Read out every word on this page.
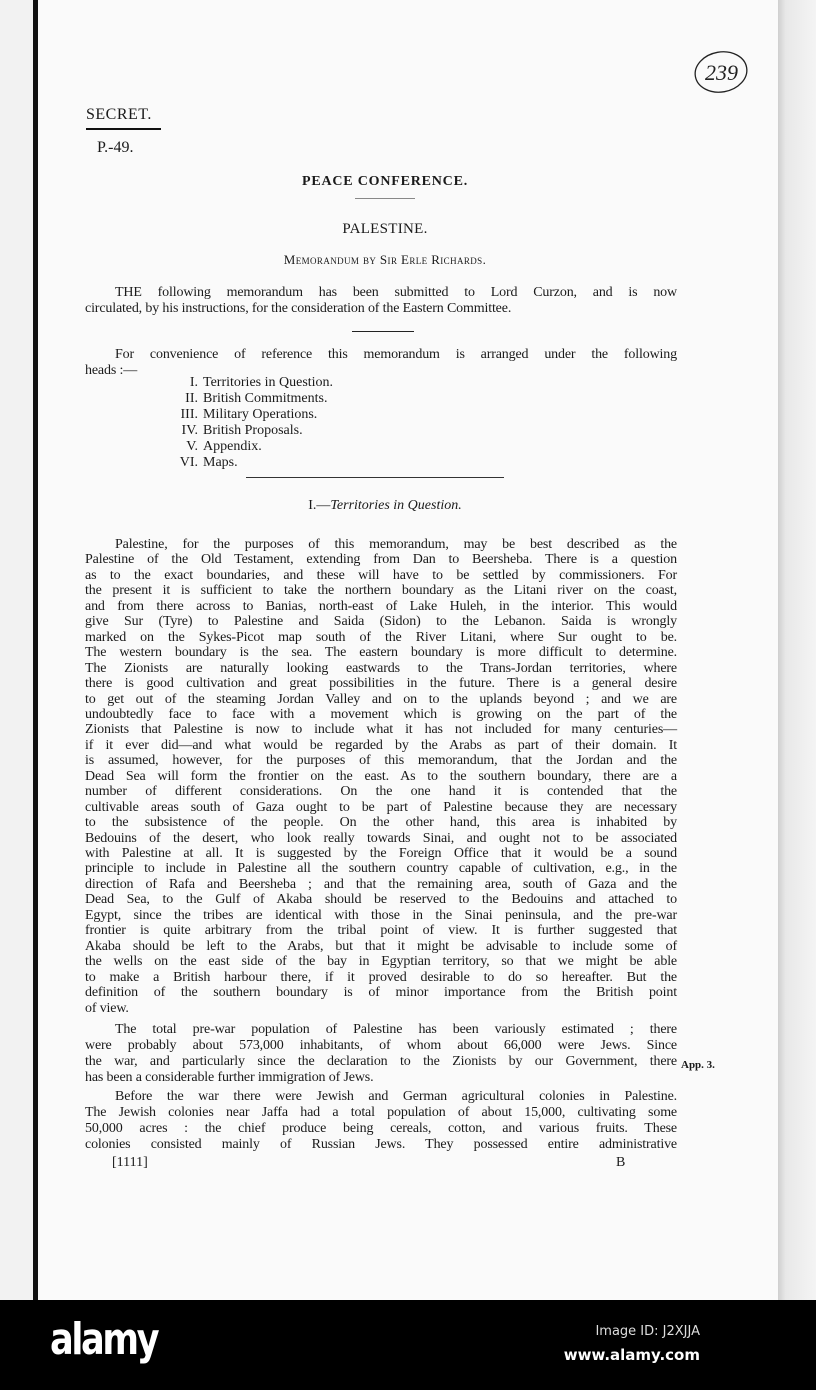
239
SECRET.
P.-49.
PEACE CONFERENCE.
PALESTINE.
Memorandum by Sir Erle Richards.
THE following memorandum has been submitted to Lord Curzon, and is now
circulated, by his instructions, for the consideration of the Eastern Committee.
For convenience of reference this memorandum is arranged under the following
heads :—
I. Territories in Question.
II. British Commitments.
III. Military Operations.
IV. British Proposals.
V. Appendix.
VI. Maps.
I.—Territories in Question.
Palestine, for the purposes of this memorandum, may be best described as the
Palestine of the Old Testament, extending from Dan to Beersheba. There is a question
as to the exact boundaries, and these will have to be settled by commissioners. For
the present it is sufficient to take the northern boundary as the Litani river on the coast,
and from there across to Banias, north-east of Lake Huleh, in the interior. This would
give Sur (Tyre) to Palestine and Saida (Sidon) to the Lebanon. Saida is wrongly
marked on the Sykes-Picot map south of the River Litani, where Sur ought to be.
The western boundary is the sea. The eastern boundary is more difficult to determine.
The Zionists are naturally looking eastwards to the Trans-Jordan territories, where
there is good cultivation and great possibilities in the future. There is a general desire
to get out of the steaming Jordan Valley and on to the uplands beyond ; and we are
undoubtedly face to face with a movement which is growing on the part of the
Zionists that Palestine is now to include what it has not included for many centuries—
if it ever did—and what would be regarded by the Arabs as part of their domain. It
is assumed, however, for the purposes of this memorandum, that the Jordan and the
Dead Sea will form the frontier on the east. As to the southern boundary, there are a
number of different considerations. On the one hand it is contended that the
cultivable areas south of Gaza ought to be part of Palestine because they are necessary
to the subsistence of the people. On the other hand, this area is inhabited by
Bedouins of the desert, who look really towards Sinai, and ought not to be associated
with Palestine at all. It is suggested by the Foreign Office that it would be a sound
principle to include in Palestine all the southern country capable of cultivation, e.g., in the
direction of Rafa and Beersheba ; and that the remaining area, south of Gaza and the
Dead Sea, to the Gulf of Akaba should be reserved to the Bedouins and attached to
Egypt, since the tribes are identical with those in the Sinai peninsula, and the pre-war
frontier is quite arbitrary from the tribal point of view. It is further suggested that
Akaba should be left to the Arabs, but that it might be advisable to include some of
the wells on the east side of the bay in Egyptian territory, so that we might be able
to make a British harbour there, if it proved desirable to do so hereafter. But the
definition of the southern boundary is of minor importance from the British point
of view.
The total pre-war population of Palestine has been variously estimated ; there
were probably about 573,000 inhabitants, of whom about 66,000 were Jews. Since
the war, and particularly since the declaration to the Zionists by our Government, there
has been a considerable further immigration of Jews.
Before the war there were Jewish and German agricultural colonies in Palestine.
The Jewish colonies near Jaffa had a total population of about 15,000, cultivating some
50,000 acres : the chief produce being cereals, cotton, and various fruits. These
colonies consisted mainly of Russian Jews. They possessed entire administrative
App. 3.
[1111]	B
alamy	Image ID: J2XJJA
www.alamy.com
